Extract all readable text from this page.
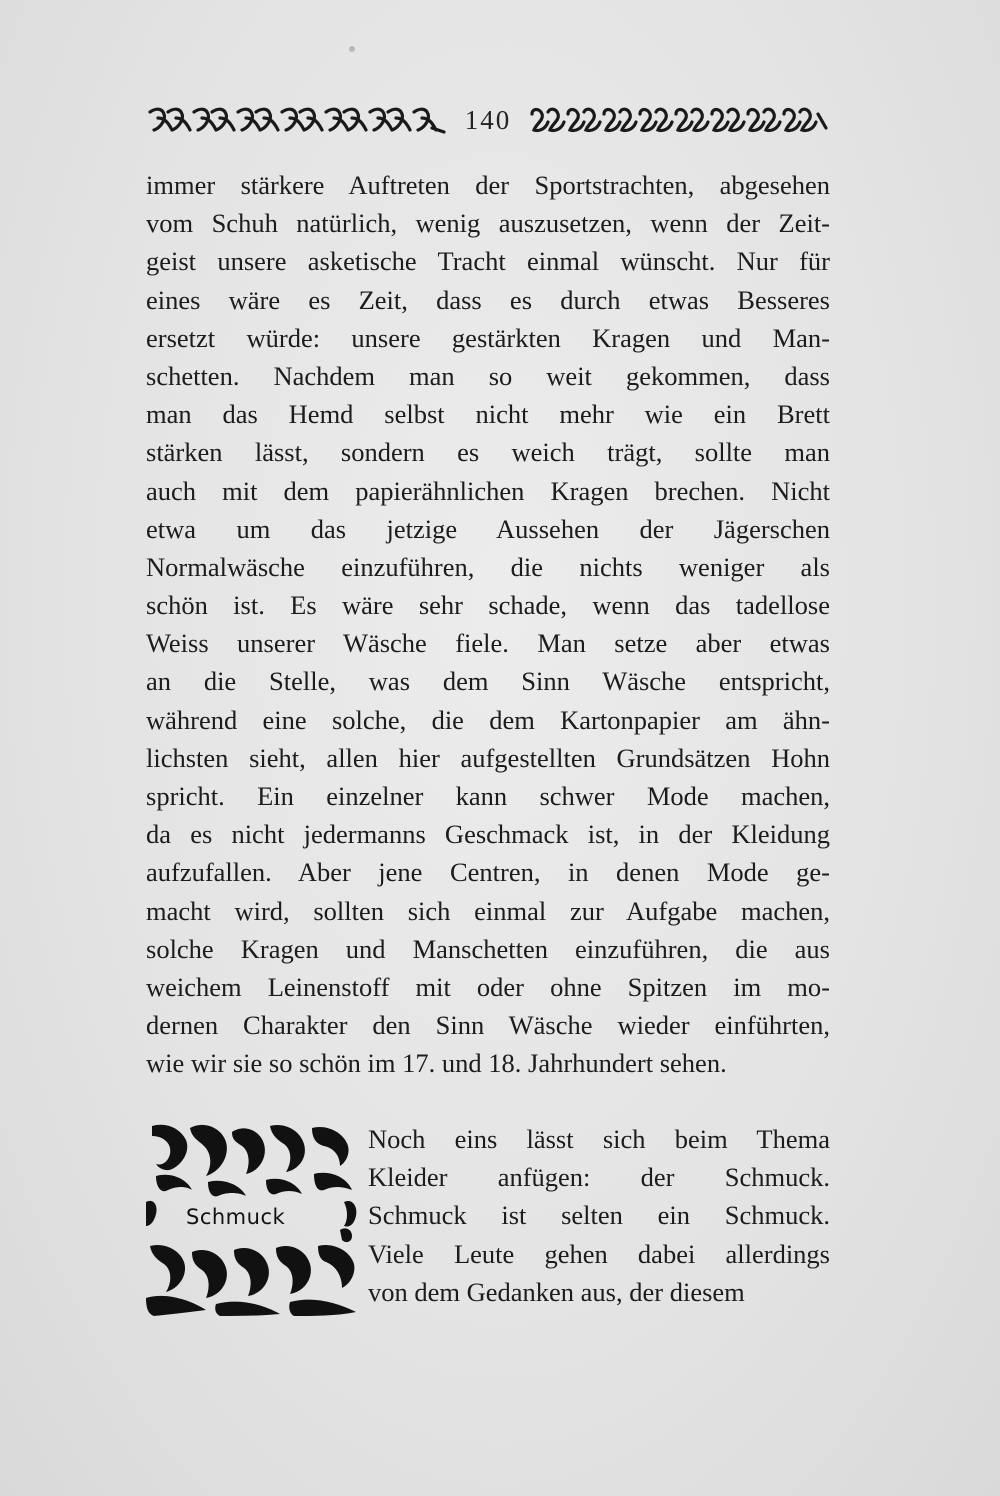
140
immer stärkere Auftreten der Sportstrachten, abgesehen
vom Schuh natürlich, wenig auszusetzen, wenn der Zeit-
geist unsere asketische Tracht einmal wünscht. Nur für
eines wäre es Zeit, dass es durch etwas Besseres
ersetzt würde: unsere gestärkten Kragen und Man-
schetten. Nachdem man so weit gekommen, dass
man das Hemd selbst nicht mehr wie ein Brett
stärken lässt, sondern es weich trägt, sollte man
auch mit dem papierähnlichen Kragen brechen. Nicht
etwa um das jetzige Aussehen der Jägerschen
Normalwäsche einzuführen, die nichts weniger als
schön ist. Es wäre sehr schade, wenn das tadellose
Weiss unserer Wäsche fiele. Man setze aber etwas
an die Stelle, was dem Sinn Wäsche entspricht,
während eine solche, die dem Kartonpapier am ähn-
lichsten sieht, allen hier aufgestellten Grundsätzen Hohn
spricht. Ein einzelner kann schwer Mode machen,
da es nicht jedermanns Geschmack ist, in der Kleidung
aufzufallen. Aber jene Centren, in denen Mode ge-
macht wird, sollten sich einmal zur Aufgabe machen,
solche Kragen und Manschetten einzuführen, die aus
weichem Leinenstoff mit oder ohne Spitzen im mo-
dernen Charakter den Sinn Wäsche wieder einführten,
wie wir sie so schön im 17. und 18. Jahrhundert sehen.
Schmuck
Noch eins lässt sich beim Thema
Kleider anfügen: der Schmuck.
Schmuck ist selten ein Schmuck.
Viele Leute gehen dabei allerdings
von dem Gedanken aus, der diesem
